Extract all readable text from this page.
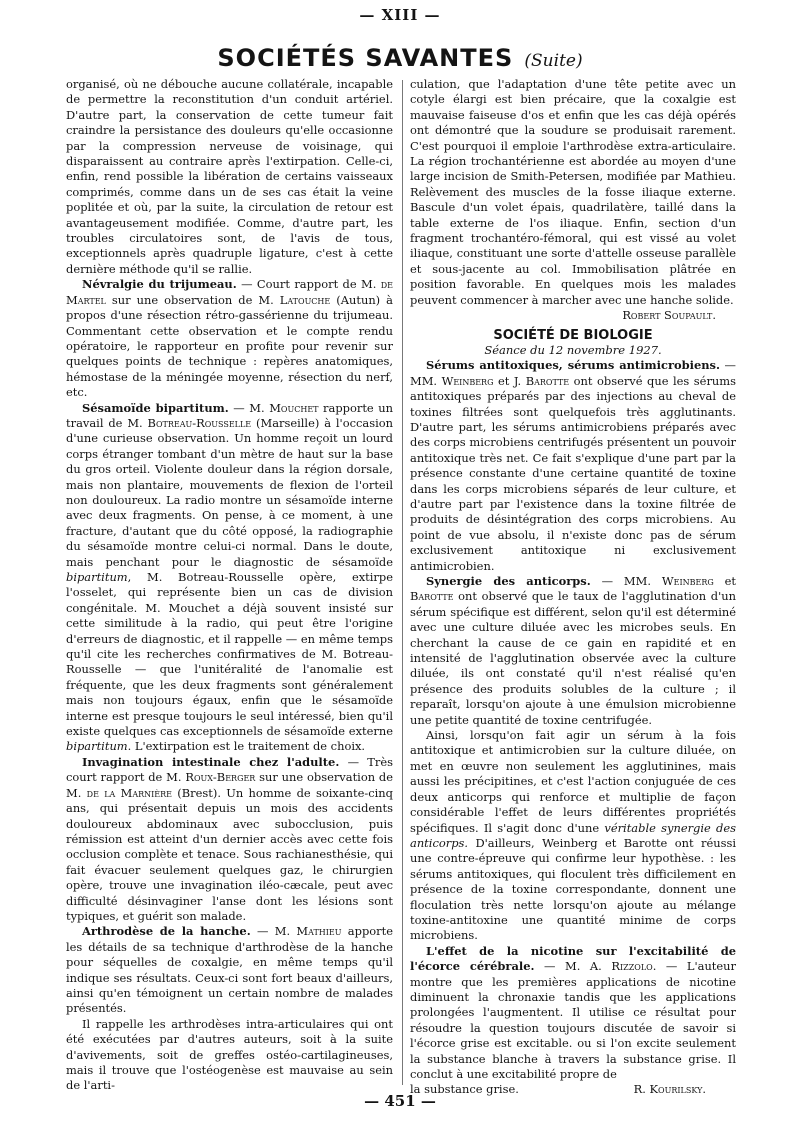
— XIII —
SOCIÉTÉS SAVANTES (Suite)

organisé, où ne débouche aucune collatérale, incapable de permettre la reconstitution d'un conduit artériel. D'autre part, la conservation de cette tumeur fait craindre la persistance des douleurs qu'elle occasionne par la compression nerveuse de voisinage, qui disparaissent au contraire après l'extirpation. Celle-ci, enfin, rend possible la libération de certains vaisseaux comprimés, comme dans un de ses cas était la veine poplitée et où, par la suite, la circulation de retour est avantageusement modifiée. Comme, d'autre part, les troubles circulatoires sont, de l'avis de tous, exceptionnels après quadruple ligature, c'est à cette dernière méthode qu'il se rallie.

Névralgie du trijumeau. — Court rapport de M. de Martel sur une observation de M. Latouche (Autun) à propos d'une résection rétro-gassérienne du trijumeau. Commentant cette observation et le compte rendu opératoire, le rapporteur en profite pour revenir sur quelques points de technique : repères anatomiques, hémostase de la méningée moyenne, résection du nerf, etc.

Sésamoïde bipartitum. — M. Mouchet rapporte un travail de M. Botreau-Rousselle (Marseille) à l'occasion d'une curieuse observation. Un homme reçoit un lourd corps étranger tombant d'un mètre de haut sur la base du gros orteil. Violente douleur dans la région dorsale, mais non plantaire, mouvements de flexion de l'orteil non douloureux. La radio montre un sésamoïde interne avec deux fragments. On pense, à ce moment, à une fracture, d'autant que du côté opposé, la radiographie du sésamoïde montre celui-ci normal. Dans le doute, mais penchant pour le diagnostic de sésamoïde bipartitum, M. Botreau-Rousselle opère, extirpe l'osselet, qui représente bien un cas de division congénitale. M. Mouchet a déjà souvent insisté sur cette similitude à la radio, qui peut être l'origine d'erreurs de diagnostic, et il rappelle — en même temps qu'il cite les recherches confirmatives de M. Botreau-Rousselle — que l'unitéralité de l'anomalie est fréquente, que les deux fragments sont généralement mais non toujours égaux, enfin que le sésamoïde interne est presque toujours le seul intéressé, bien qu'il existe quelques cas exceptionnels de sésamoïde externe bipartitum. L'extirpation est le traitement de choix.

Invagination intestinale chez l'adulte. — Très court rapport de M. Roux-Berger sur une observation de M. de la Marnière (Brest). Un homme de soixante-cinq ans, qui présentait depuis un mois des accidents douloureux abdominaux avec subocclusion, puis rémission est atteint d'un dernier accès avec cette fois occlusion complète et tenace. Sous rachianesthésie, qui fait évacuer seulement quelques gaz, le chirurgien opère, trouve une invagination iléo-cæcale, peut avec difficulté désinvaginer l'anse dont les lésions sont typiques, et guérit son malade.

Arthrodèse de la hanche. — M. Mathieu apporte les détails de sa technique d'arthrodèse de la hanche pour séquelles de coxalgie, en même temps qu'il indique ses résultats. Ceux-ci sont fort beaux d'ailleurs, ainsi qu'en témoignent un certain nombre de malades présentés.

Il rappelle les arthrodèses intra-articulaires qui ont été exécutées par d'autres auteurs, soit à la suite d'avivements, soit de greffes ostéo-cartilagineuses, mais il trouve que l'ostéogenèse est mauvaise au sein de l'arti-

culation, que l'adaptation d'une tête petite avec un cotyle élargi est bien précaire, que la coxalgie est mauvaise faiseuse d'os et enfin que les cas déjà opérés ont démontré que la soudure se produisait rarement. C'est pourquoi il emploie l'arthrodèse extra-articulaire. La région trochantérienne est abordée au moyen d'une large incision de Smith-Petersen, modifiée par Mathieu. Relèvement des muscles de la fosse iliaque externe. Bascule d'un volet épais, quadrilatère, taillé dans la table externe de l'os iliaque. Enfin, section d'un fragment trochantéro-fémoral, qui est vissé au volet iliaque, constituant une sorte d'attelle osseuse parallèle et sous-jacente au col. Immobilisation plâtrée en position favorable. En quelques mois les malades peuvent commencer à marcher avec une hanche solide.

Robert Soupault.

SOCIÉTÉ DE BIOLOGIE
Séance du 12 novembre 1927.

Sérums antitoxiques, sérums antimicrobiens. — MM. Weinberg et J. Barotte ont observé que les sérums antitoxiques préparés par des injections au cheval de toxines filtrées sont quelquefois très agglutinants. D'autre part, les sérums antimicrobiens préparés avec des corps microbiens centrifugés présentent un pouvoir antitoxique très net. Ce fait s'explique d'une part par la présence constante d'une certaine quantité de toxine dans les corps microbiens séparés de leur culture, et d'autre part par l'existence dans la toxine filtrée de produits de désintégration des corps microbiens. Au point de vue absolu, il n'existe donc pas de sérum exclusivement antitoxique ni exclusivement antimicrobien.

Synergie des anticorps. — MM. Weinberg et Barotte ont observé que le taux de l'agglutination d'un sérum spécifique est différent, selon qu'il est déterminé avec une culture diluée avec les microbes seuls. En cherchant la cause de ce gain en rapidité et en intensité de l'agglutination observée avec la culture diluée, ils ont constaté qu'il n'est réalisé qu'en présence des produits solubles de la culture ; il reparaît, lorsqu'on ajoute à une émulsion microbienne une petite quantité de toxine centrifugée.

Ainsi, lorsqu'on fait agir un sérum à la fois antitoxique et antimicrobien sur la culture diluée, on met en œuvre non seulement les agglutinines, mais aussi les précipitines, et c'est l'action conjuguée de ces deux anticorps qui renforce et multiplie de façon considérable l'effet de leurs différentes propriétés spécifiques. Il s'agit donc d'une véritable synergie des anticorps. D'ailleurs, Weinberg et Barotte ont réussi une contre-épreuve qui confirme leur hypothèse. : les sérums antitoxiques, qui floculent très difficilement en présence de la toxine correspondante, donnent une floculation très nette lorsqu'on ajoute au mélange toxine-antitoxine une quantité minime de corps microbiens.

L'effet de la nicotine sur l'excitabilité de l'écorce cérébrale. — M. A. Rizzolo. — L'auteur montre que les premières applications de nicotine diminuent la chronaxie tandis que les applications prolongées l'augmentent. Il utilise ce résultat pour résoudre la question toujours discutée de savoir si l'écorce grise est excitable. ou si l'on excite seulement la substance blanche à travers la substance grise. Il conclut à une excitabilité propre de

la substance grise.	R. Kourilsky.
— 451 —
